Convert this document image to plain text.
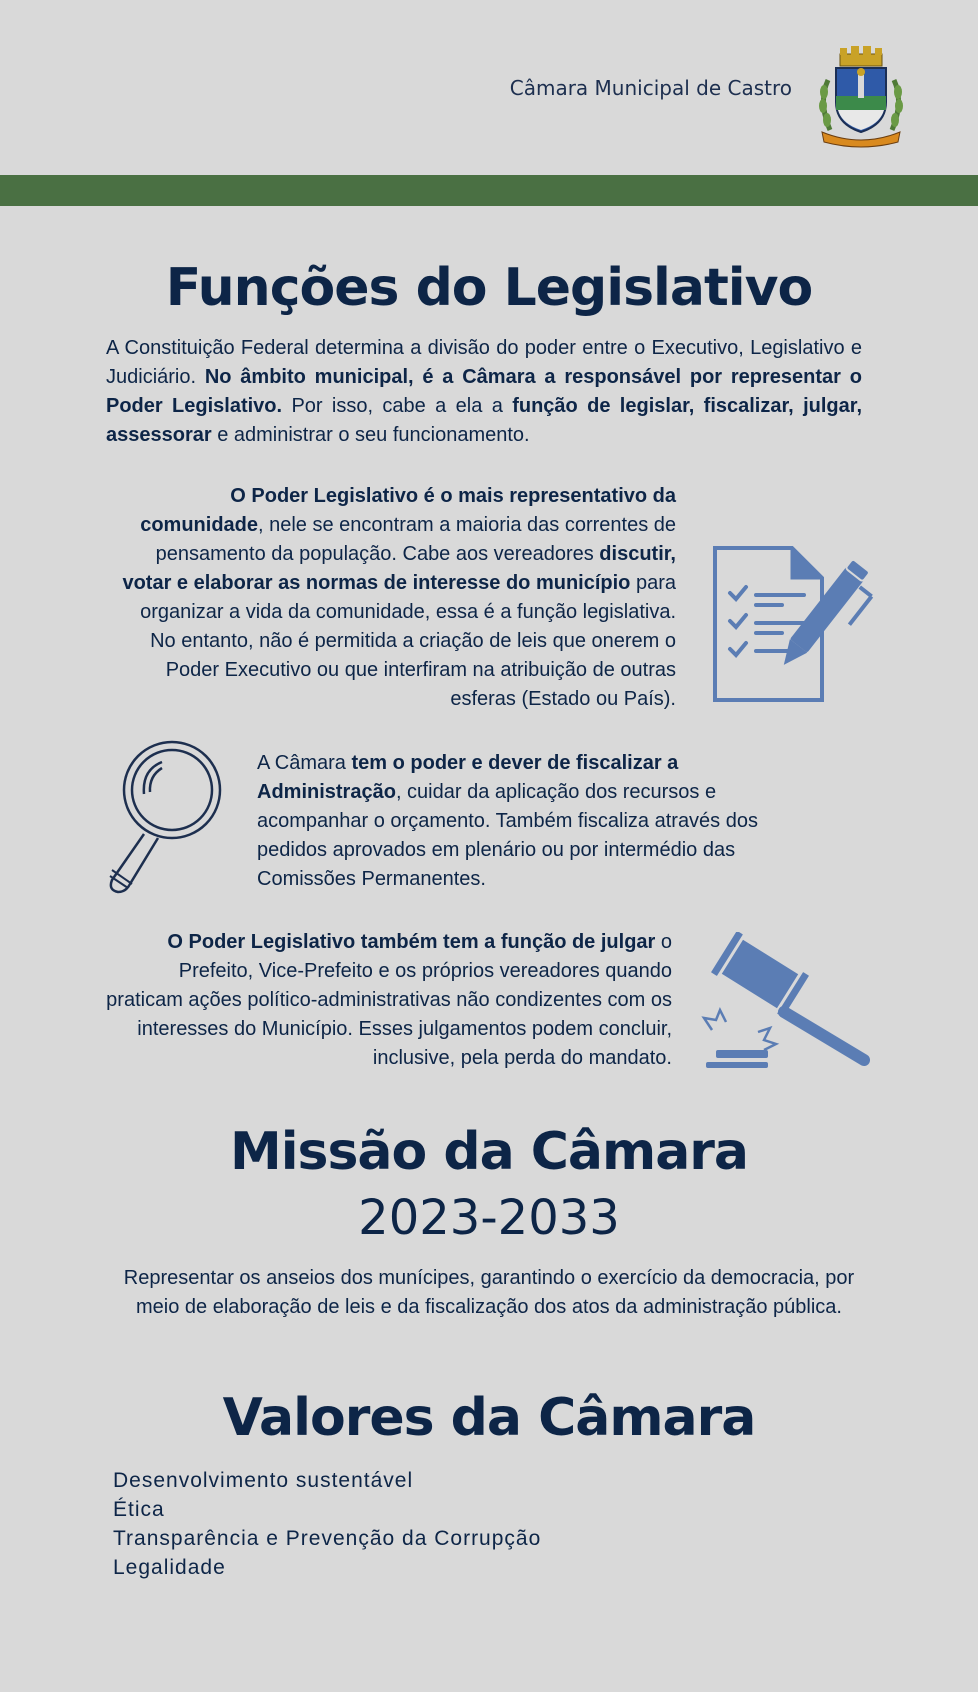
Câmara Municipal de Castro
Funções do Legislativo

A Constituição Federal determina a divisão do poder entre o Executivo, Legislativo e Judiciário. No âmbito municipal, é a Câmara a responsável por representar o Poder Legislativo. Por isso, cabe a ela a função de legislar, fiscalizar, julgar, assessorar e administrar o seu funcionamento.

O Poder Legislativo é o mais representativo da comunidade, nele se encontram a maioria das correntes de pensamento da população. Cabe aos vereadores discutir, votar e elaborar as normas de interesse do município para organizar a vida da comunidade, essa é a função legislativa. No entanto, não é permitida a criação de leis que onerem o Poder Executivo ou que interfiram na atribuição de outras esferas (Estado ou País).

A Câmara tem o poder e dever de fiscalizar a Administração, cuidar da aplicação dos recursos e acompanhar o orçamento. Também fiscaliza através dos pedidos aprovados em plenário ou por intermédio das Comissões Permanentes.

O Poder Legislativo também tem a função de julgar o Prefeito, Vice-Prefeito e os próprios vereadores quando praticam ações político-administrativas não condizentes com os interesses do Município. Esses julgamentos podem concluir, inclusive, pela perda do mandato.

Missão da Câmara
2023-2033

Representar os anseios dos munícipes, garantindo o exercício da democracia, por meio de elaboração de leis e da fiscalização dos atos da administração pública.

Valores da Câmara
Desenvolvimento sustentável
Ética
Transparência e Prevenção da Corrupção
Legalidade
